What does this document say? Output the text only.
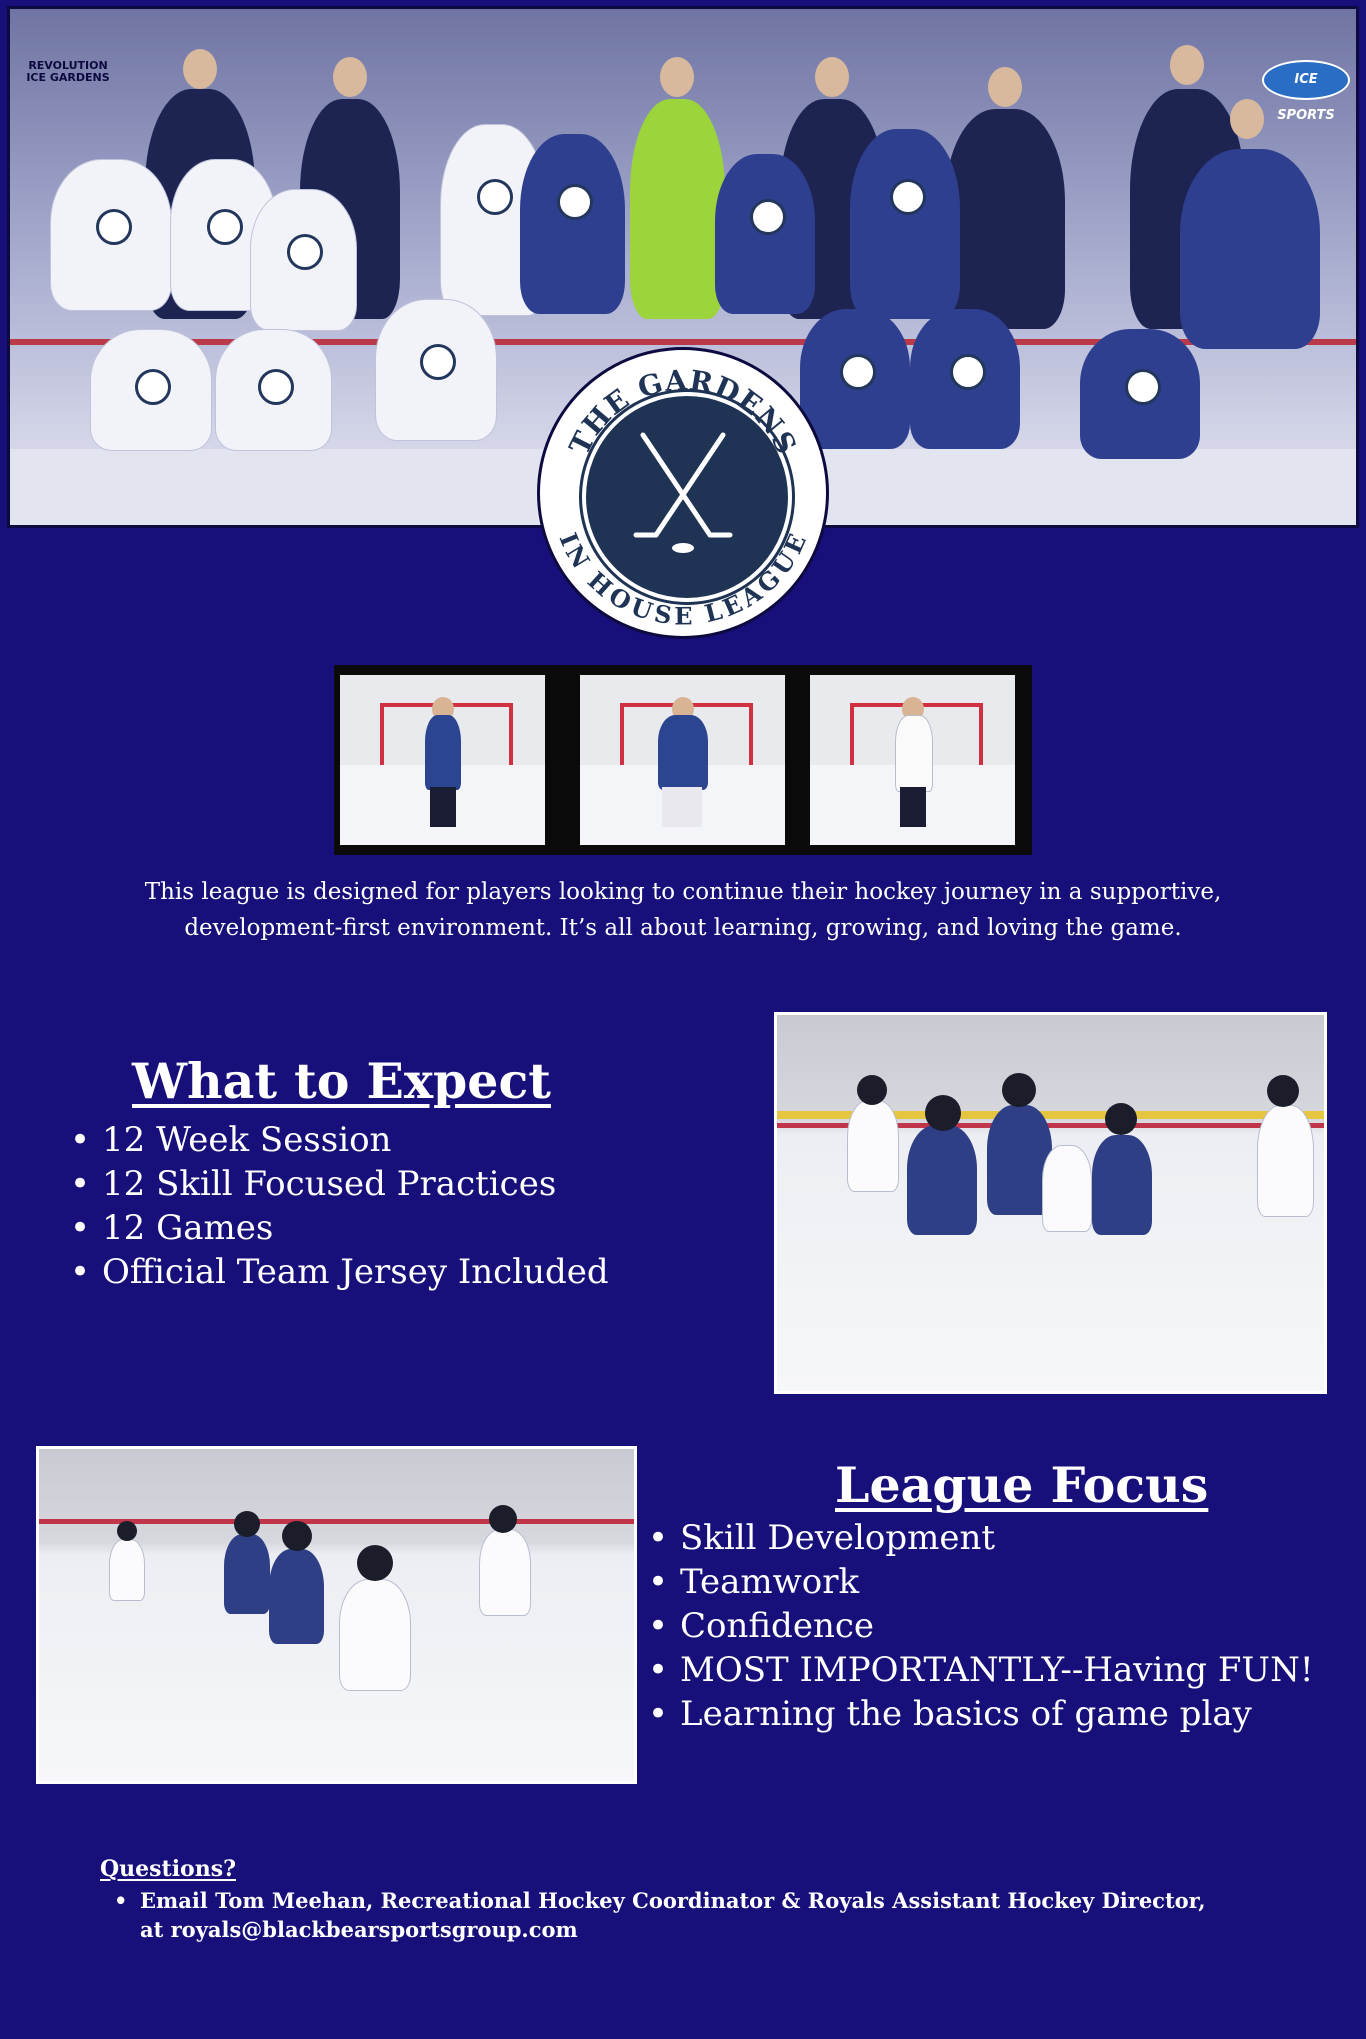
REVOLUTION ICE GARDENS	ICE SPORTS
THE GARDENS
IN HOUSE LEAGUE
This league is designed for players looking to continue their hockey journey in a supportive,
development-first environment. It’s all about learning, growing, and loving the game.
What to Expect
• 12 Week Session
• 12 Skill Focused Practices
• 12 Games
• Official Team Jersey Included
League Focus
• Skill Development
• Teamwork
• Confidence
• MOST IMPORTANTLY--Having FUN!
• Learning the basics of game play
Questions?
• Email Tom Meehan, Recreational Hockey Coordinator & Royals Assistant Hockey Director,
at royals@blackbearsportsgroup.com
